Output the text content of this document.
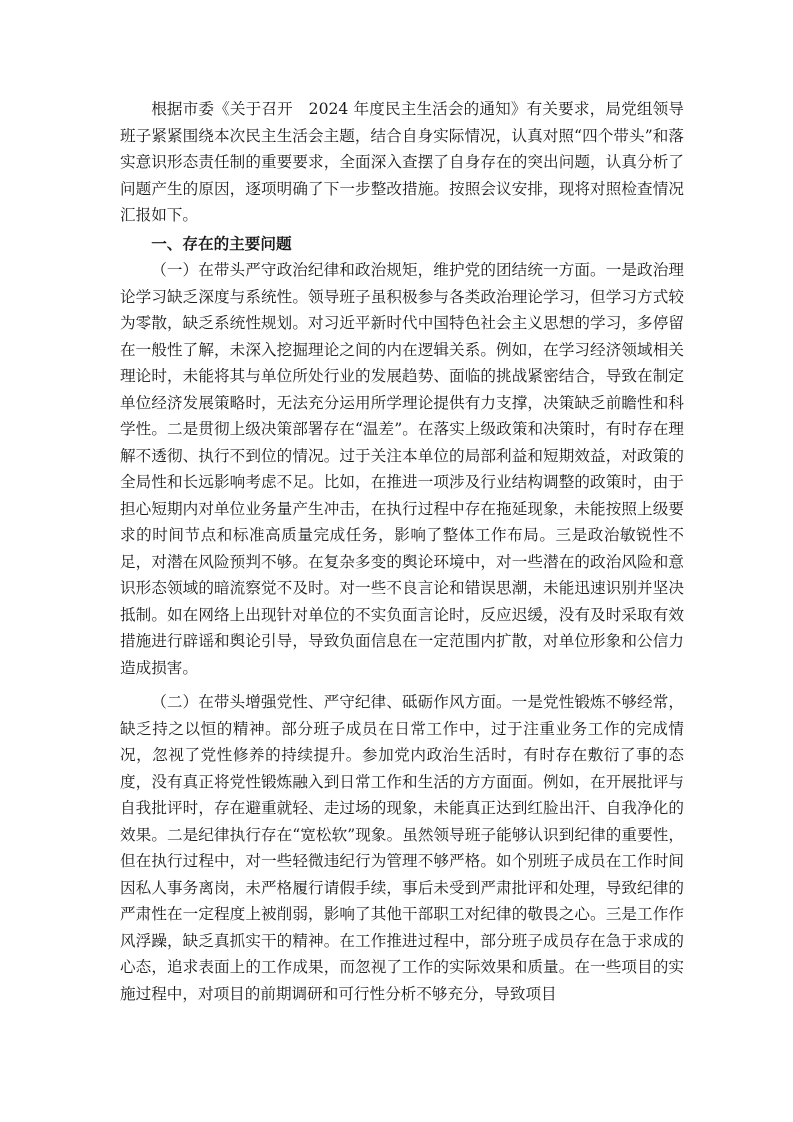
根据市委《关于召开　2024 年度民主生活会的通知》有关要求，局党组领导班子紧紧围绕本次民主生活会主题，结合自身实际情况，认真对照“四个带头”和落实意识形态责任制的重要要求，全面深入查摆了自身存在的突出问题，认真分析了问题产生的原因，逐项明确了下一步整改措施。按照会议安排，现将对照检查情况汇报如下。

一、存在的主要问题

（一）在带头严守政治纪律和政治规矩，维护党的团结统一方面。一是政治理论学习缺乏深度与系统性。领导班子虽积极参与各类政治理论学习，但学习方式较为零散，缺乏系统性规划。对习近平新时代中国特色社会主义思想的学习，多停留在一般性了解，未深入挖掘理论之间的内在逻辑关系。例如，在学习经济领域相关理论时，未能将其与单位所处行业的发展趋势、面临的挑战紧密结合，导致在制定单位经济发展策略时，无法充分运用所学理论提供有力支撑，决策缺乏前瞻性和科学性。二是贯彻上级决策部署存在“温差”。在落实上级政策和决策时，有时存在理解不透彻、执行不到位的情况。过于关注本单位的局部利益和短期效益，对政策的全局性和长远影响考虑不足。比如，在推进一项涉及行业结构调整的政策时，由于担心短期内对单位业务量产生冲击，在执行过程中存在拖延现象，未能按照上级要求的时间节点和标准高质量完成任务，影响了整体工作布局。三是政治敏锐性不足，对潜在风险预判不够。在复杂多变的舆论环境中，对一些潜在的政治风险和意识形态领域的暗流察觉不及时。对一些不良言论和错误思潮，未能迅速识别并坚决抵制。如在网络上出现针对单位的不实负面言论时，反应迟缓，没有及时采取有效措施进行辟谣和舆论引导，导致负面信息在一定范围内扩散，对单位形象和公信力造成损害。

（二）在带头增强党性、严守纪律、砥砺作风方面。一是党性锻炼不够经常，缺乏持之以恒的精神。部分班子成员在日常工作中，过于注重业务工作的完成情况，忽视了党性修养的持续提升。参加党内政治生活时，有时存在敷衍了事的态度，没有真正将党性锻炼融入到日常工作和生活的方方面面。例如，在开展批评与自我批评时，存在避重就轻、走过场的现象，未能真正达到红脸出汗、自我净化的效果。二是纪律执行存在“宽松软”现象。虽然领导班子能够认识到纪律的重要性，但在执行过程中，对一些轻微违纪行为管理不够严格。如个别班子成员在工作时间因私人事务离岗，未严格履行请假手续，事后未受到严肃批评和处理，导致纪律的严肃性在一定程度上被削弱，影响了其他干部职工对纪律的敬畏之心。三是工作作风浮躁，缺乏真抓实干的精神。在工作推进过程中，部分班子成员存在急于求成的心态，追求表面上的工作成果，而忽视了工作的实际效果和质量。在一些项目的实施过程中，对项目的前期调研和可行性分析不够充分，导致项目
